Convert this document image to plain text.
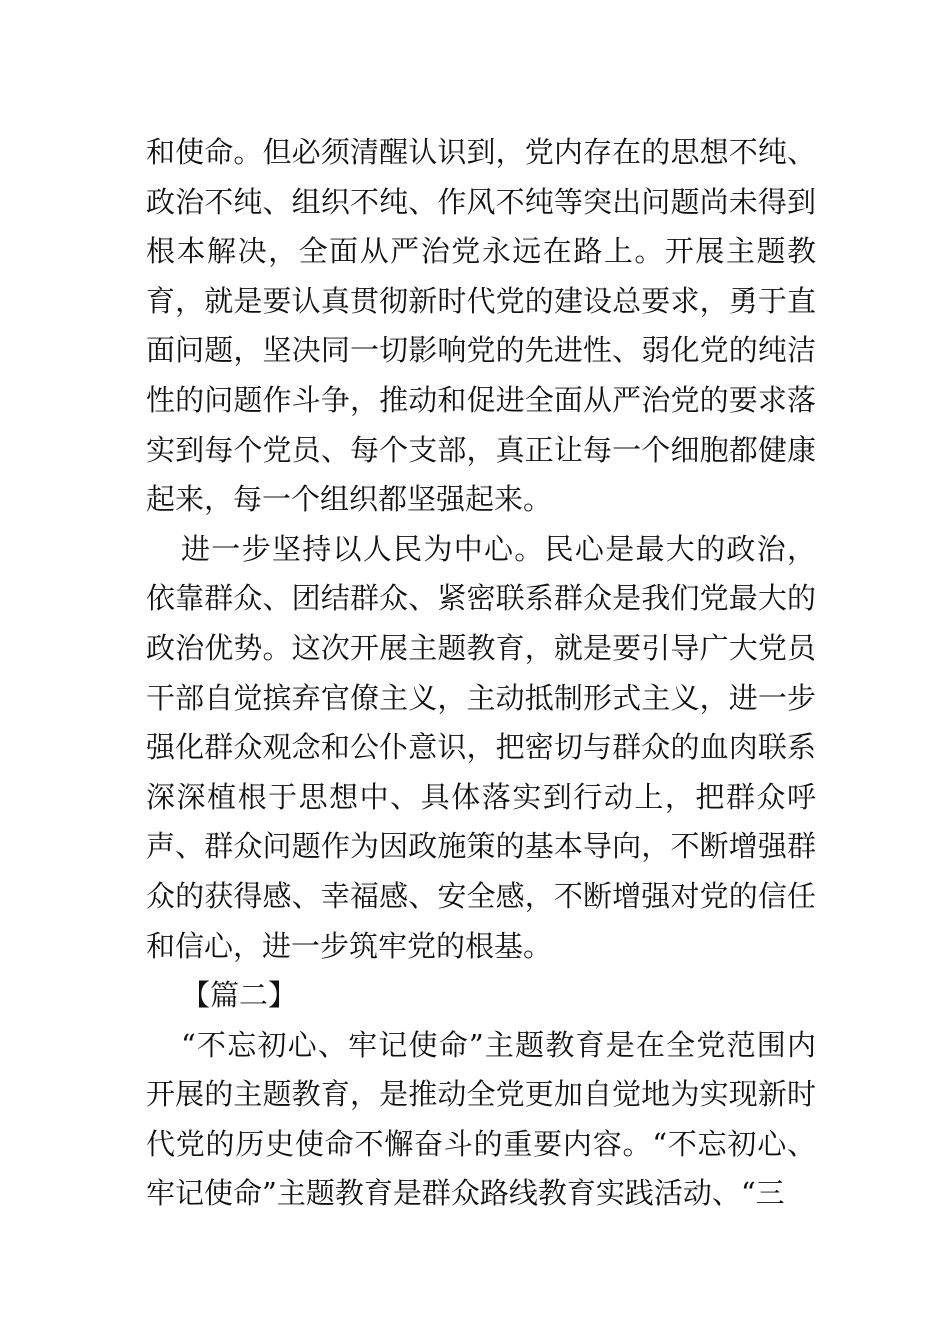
和使命。但必须清醒认识到，党内存在的思想不纯、政治不纯、组织不纯、作风不纯等突出问题尚未得到根本解决，全面从严治党永远在路上。开展主题教育，就是要认真贯彻新时代党的建设总要求，勇于直面问题，坚决同一切影响党的先进性、弱化党的纯洁性的问题作斗争，推动和促进全面从严治党的要求落实到每个党员、每个支部，真正让每一个细胞都健康起来，每一个组织都坚强起来。

进一步坚持以人民为中心。民心是最大的政治，依靠群众、团结群众、紧密联系群众是我们党最大的政治优势。这次开展主题教育，就是要引导广大党员干部自觉摈弃官僚主义，主动抵制形式主义，进一步强化群众观念和公仆意识，把密切与群众的血肉联系深深植根于思想中、具体落实到行动上，把群众呼声、群众问题作为因政施策的基本导向，不断增强群众的获得感、幸福感、安全感，不断增强对党的信任和信心，进一步筑牢党的根基。

【篇二】

“不忘初心、牢记使命”主题教育是在全党范围内开展的主题教育，是推动全党更加自觉地为实现新时代党的历史使命不懈奋斗的重要内容。“不忘初心、牢记使命”主题教育是群众路线教育实践活动、“三
